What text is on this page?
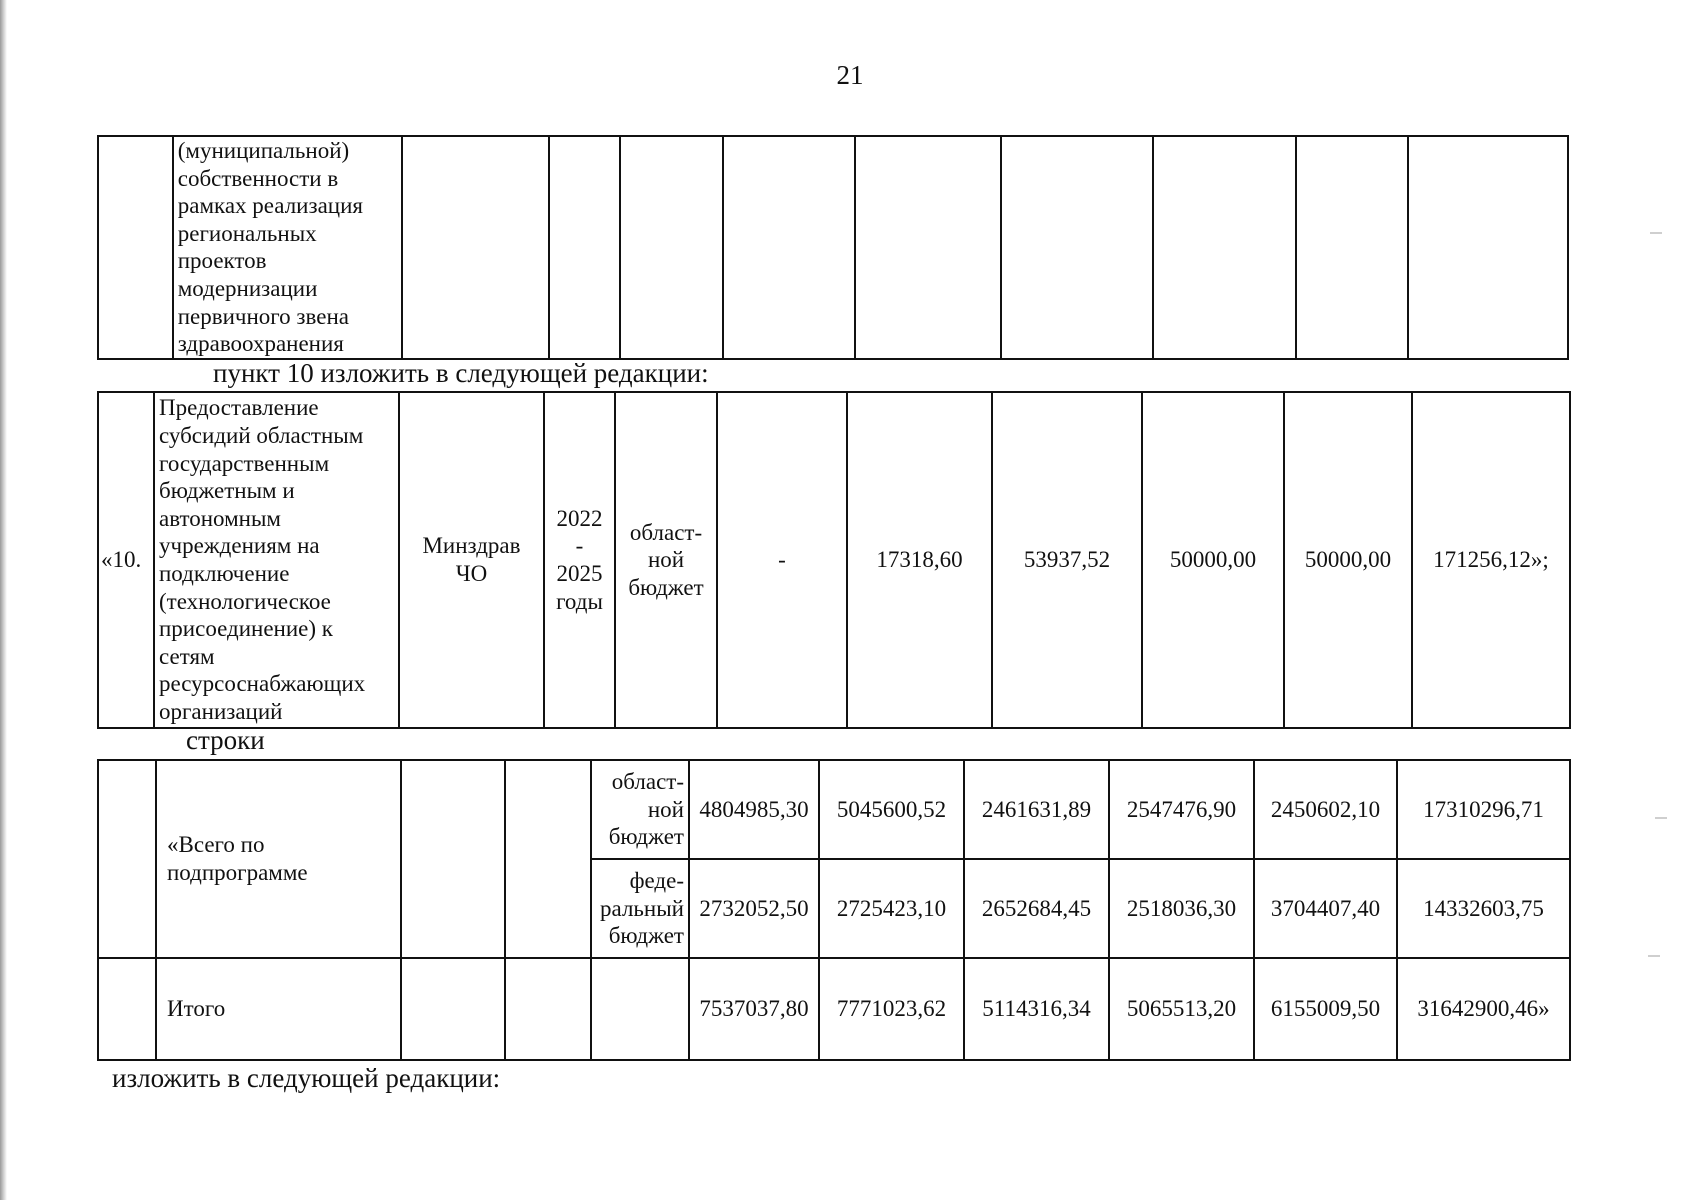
21
	(муниципальной)
собственности в
рамках реализация
региональных
проектов
модернизации
первичного звена
здравоохранения									
пункт 10 изложить в следующей редакции:
«10.	Предоставление
субсидий областным
государственным
бюджетным и
автономным
учреждениям на
подключение
(технологическое
присоединение) к
сетям
ресурсоснабжающих
организаций	Минздрав
ЧО	2022
-
2025
годы	област-
ной
бюджет	-	17318,60	53937,52	50000,00	50000,00	171256,12»;
строки
	«Всего по
подпрограмме			област-
ной
бюджет	4804985,30	5045600,52	2461631,89	2547476,90	2450602,10	17310296,71
				феде-
ральный
бюджет	2732052,50	2725423,10	2652684,45	2518036,30	3704407,40	14332603,75
	Итого				7537037,80	7771023,62	5114316,34	5065513,20	6155009,50	31642900,46»
изложить в следующей редакции:
